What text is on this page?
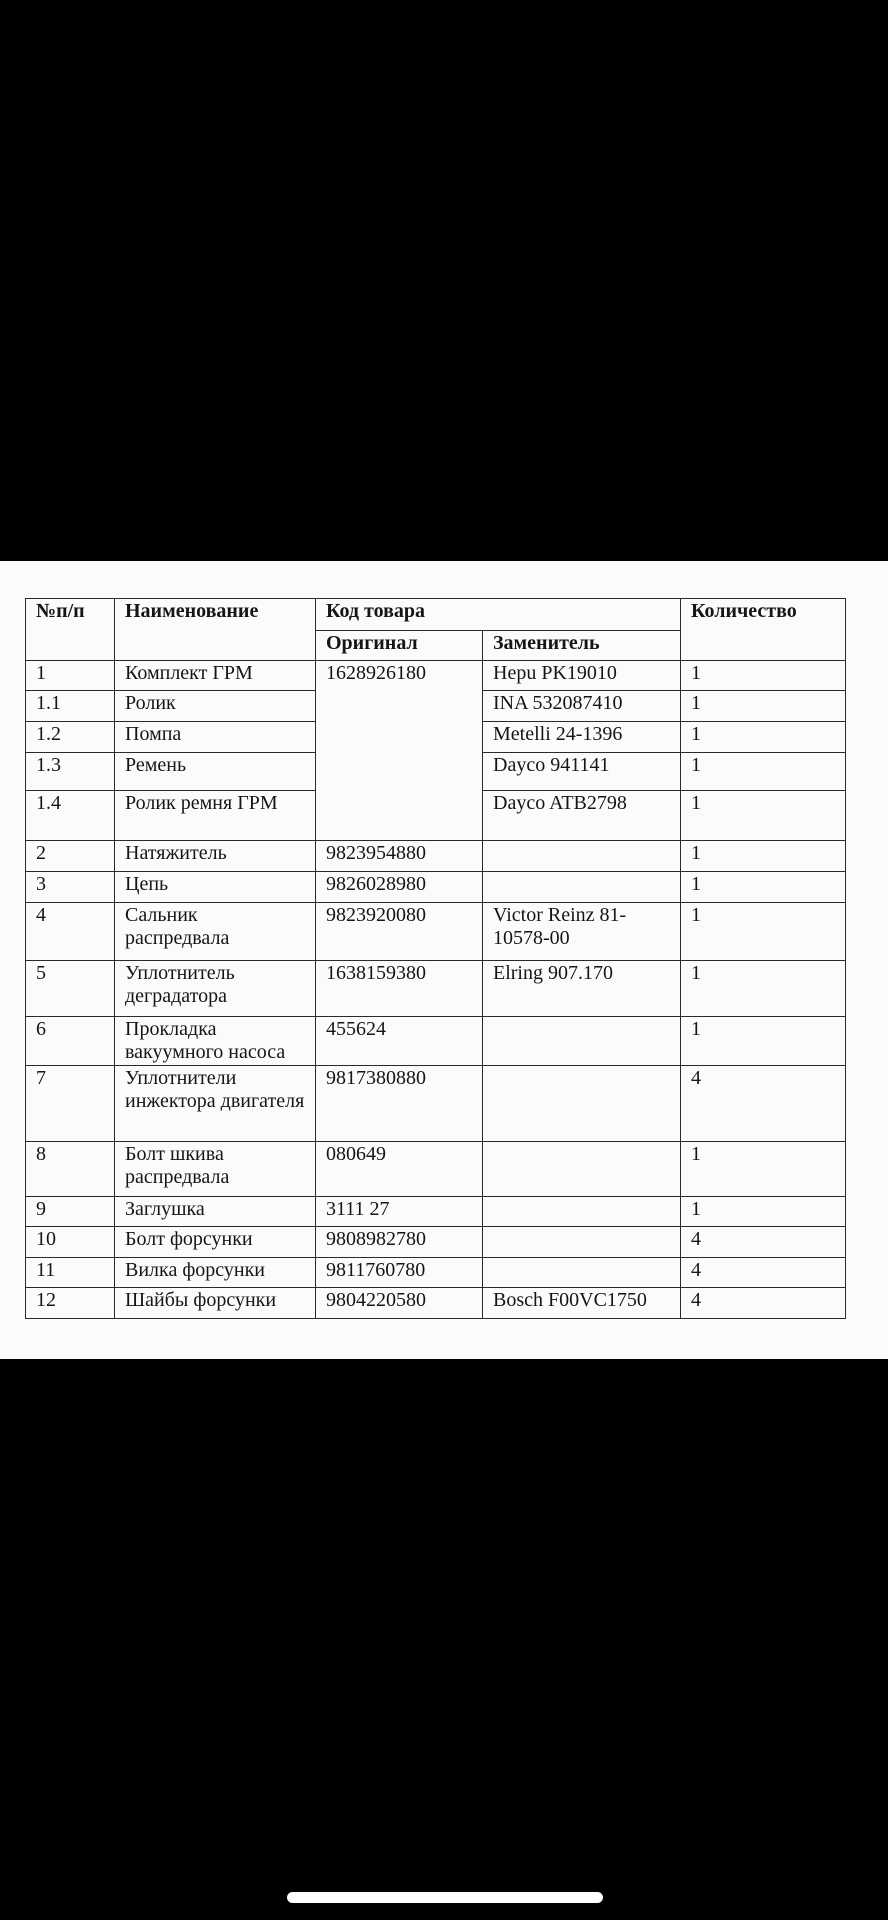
№п/п	Наименование	Код товара		Количество
		Оригинал	Заменитель	
1	Комплект ГРМ	1628926180	Hepu PK19010	1
1.1	Ролик		INA 532087410	1
1.2	Помпа		Metelli 24-1396	1
1.3	Ремень		Dayco 941141	1
1.4	Ролик ремня ГРМ		Dayco ATB2798	1
2	Натяжитель	9823954880		1
3	Цепь	9826028980		1
4	Сальник распредвала	9823920080	Victor Reinz 81-10578-00	1
5	Уплотнитель деградатора	1638159380	Elring 907.170	1
6	Прокладка вакуумного насоса	455624		1
7	Уплотнители инжектора двигателя	9817380880		4
8	Болт шкива распредвала	080649		1
9	Заглушка	3111 27		1
10	Болт форсунки	9808982780		4
11	Вилка форсунки	9811760780		4
12	Шайбы форсунки	9804220580	Bosch F00VC1750	4
